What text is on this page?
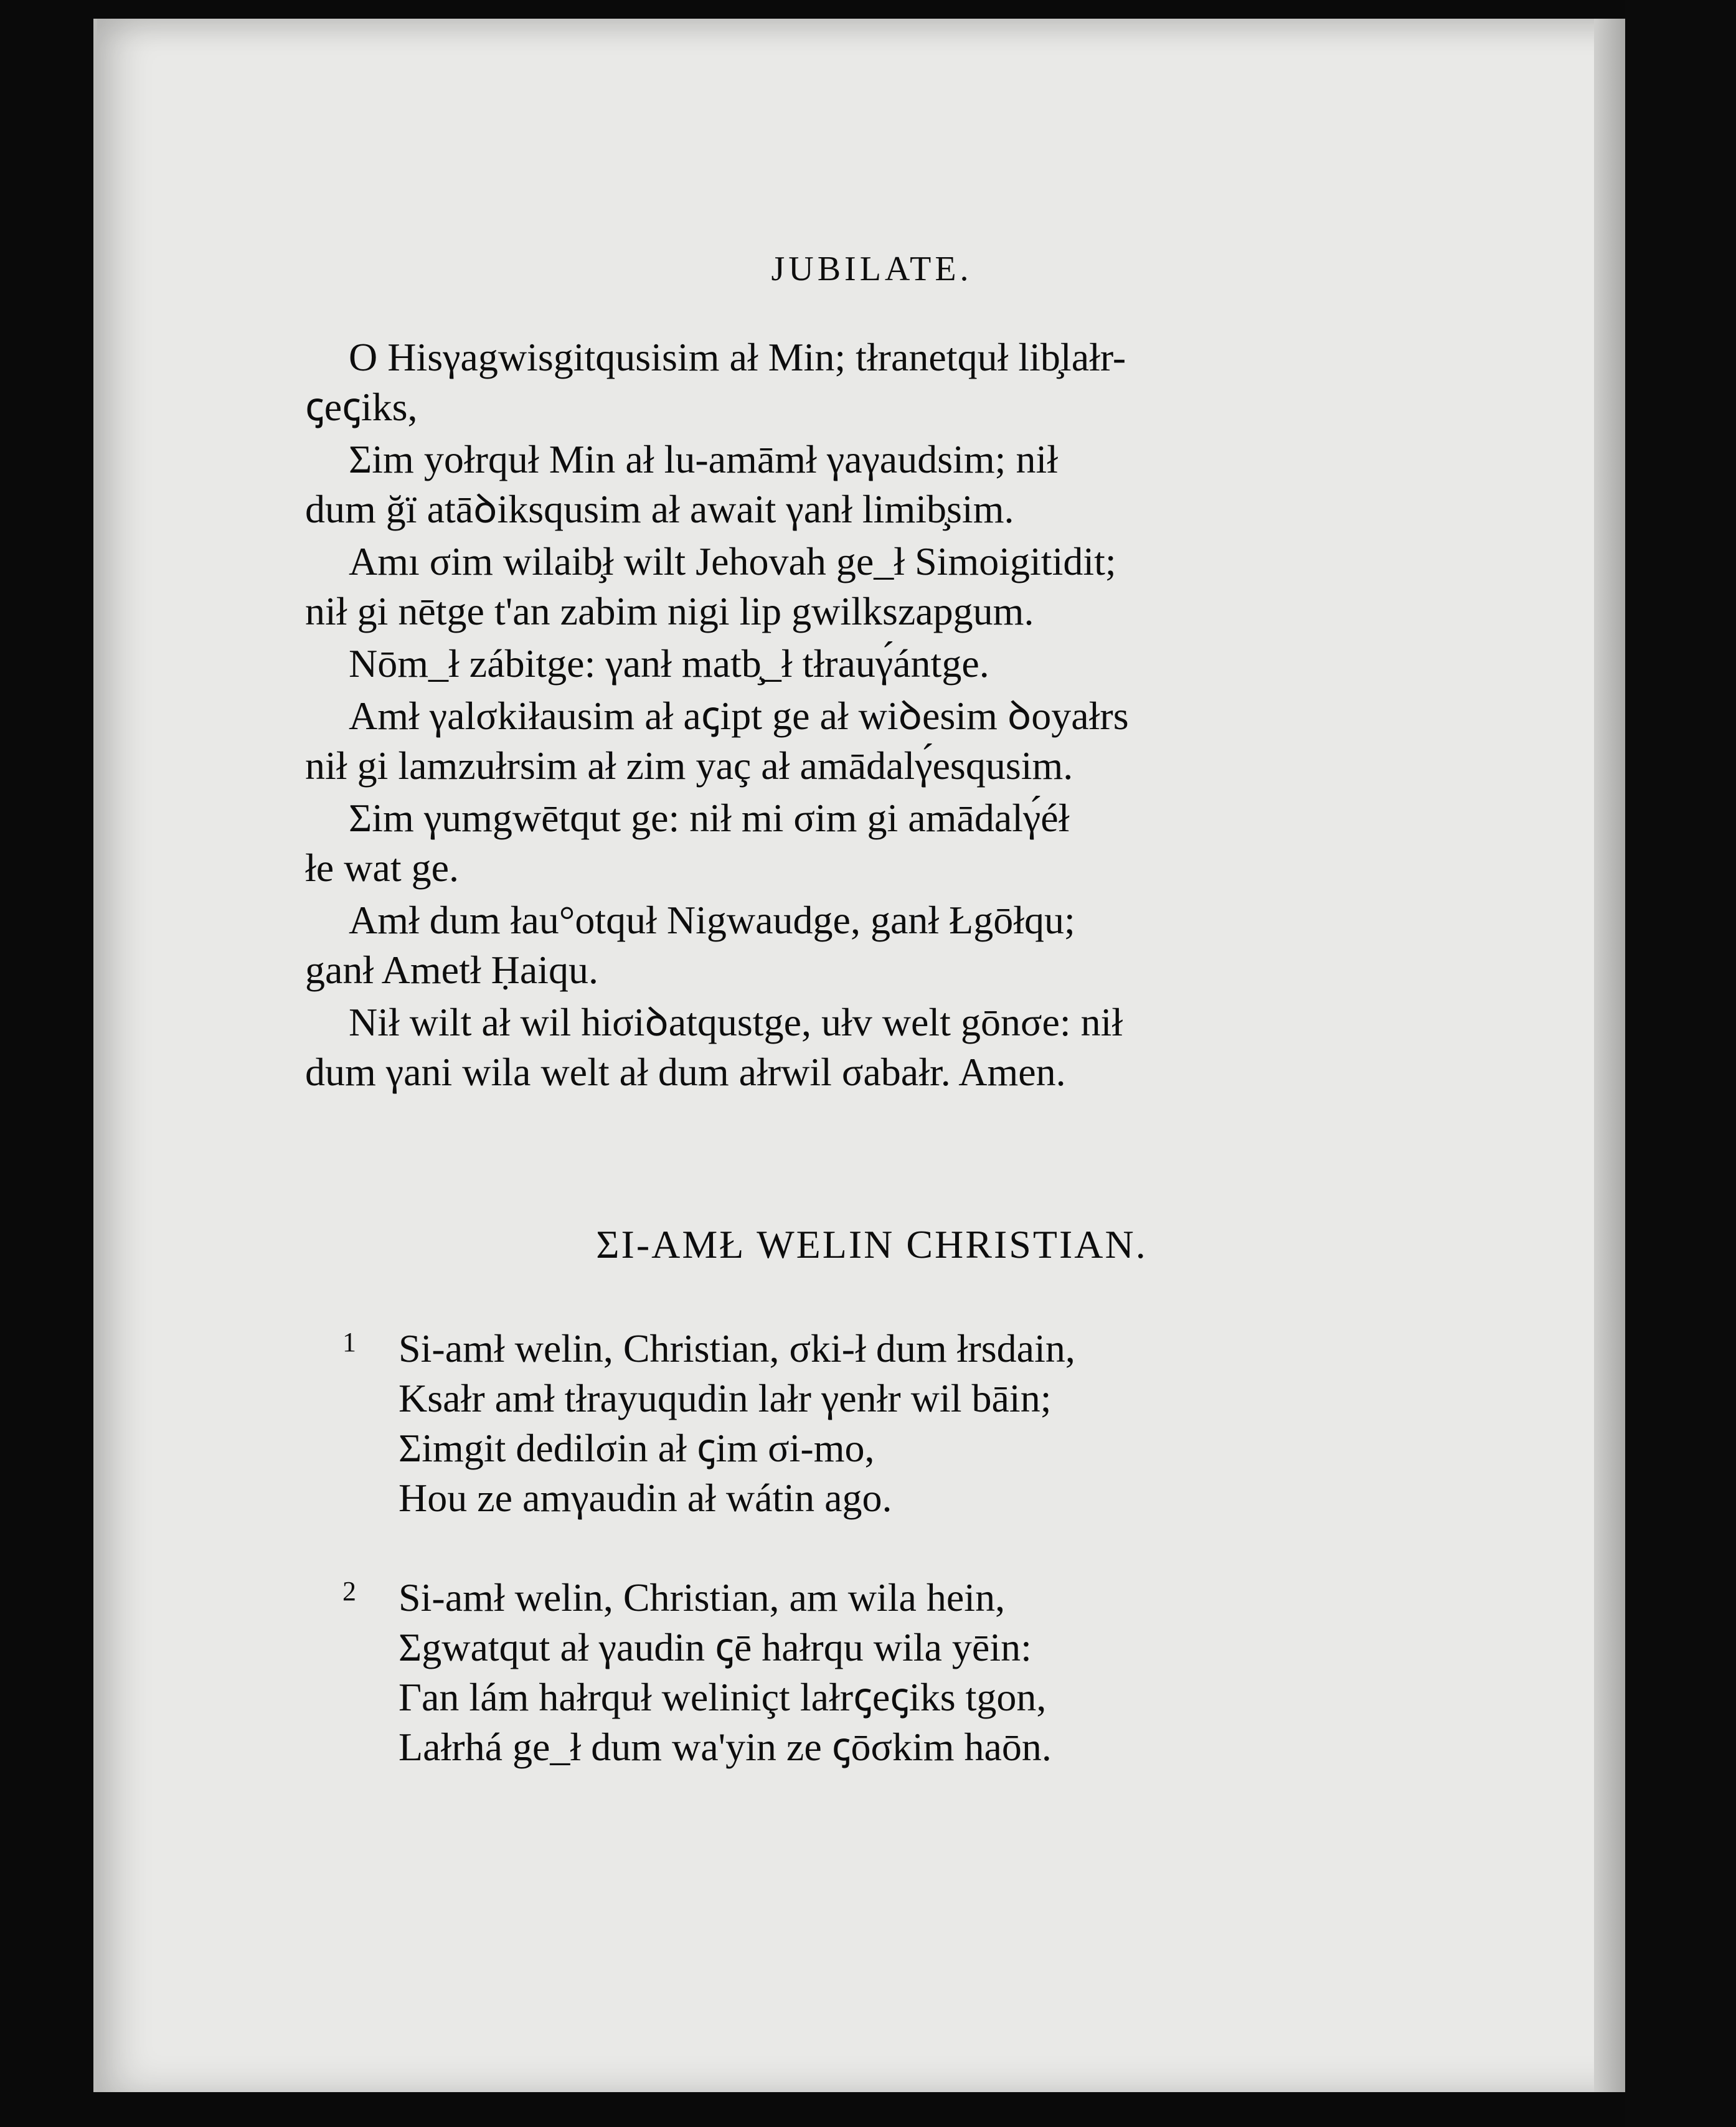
JUBILATE.

O Hisγagwisgitqusisim ał Min; tłranetquł lib̧lałr-
ꞔeꞔiks,

Σim yołrquł Min ał lu-amāmł γaγaudsim; nił
dum ğï atāꝺiksqusim ał await γanł limib̧sim.

Amı σim wilaib̧ł wilt Jehovah ge_ł Simoigitidit;
nił gi nētge t'an zabim nigi lip gwilkszapgum.

Nōm_ł zábitge: γanł matb̧_ł tłrauγ́ántge.

Amł γalσkiłausim ał aꞔipt ge ał wiꝺesim ꝺoyałrs
nił gi lamzułrsim ał zim yaç ał amādalγ́esqusim.

Σim γumgwētqut ge: nił mi σim gi amādalγ́éł
łe wat ge.

Amł dum łau°otquł Nigwaudge, ganł Łgōłqu;
ganł Ametł Ḥaiqu.

Nił wilt ał wil hiσiꝺatqustge, ułv welt gōnσe: nił
dum γani wila welt ał dum ałrwil σabałr. Amen.

ΣI-AMŁ WELIN CHRISTIAN.
1	Si-amł welin, Christian, σki-ł dum łrsdain,
Ksałr amł tłrayuqudin lałr γenłr wil bāin;
Σimgit dedilσin ał ꞔim σi-mo,
Hou ze amγaudin ał wátin ago.
2	Si-amł welin, Christian, am wila hein,
Σgwatqut ał γaudin ꞔē hałrqu wila yēin:
Γan lám hałrquł weliniçt lałrꞔeꞔiks tgon,
Lałrhá ge_ł dum wa'yin ze ꞔōσkim haōn.
